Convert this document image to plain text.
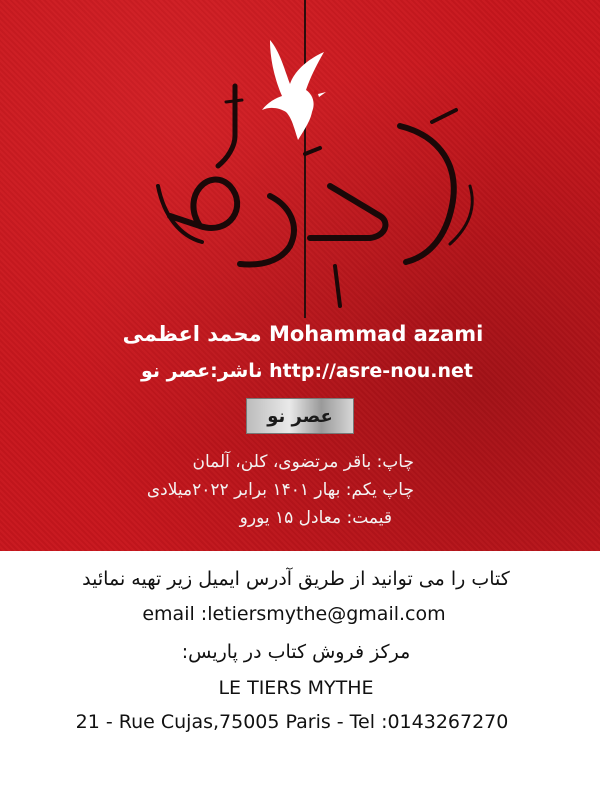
محمد اعظمی Mohammad azami
ناشر:عصر نو http://asre-nou.net
عصر نو
چاپ: باقر مرتضوی، کلن، آلمان
چاپ یکم: بهار ۱۴۰۱ برابر ۲۰۲۲میلادی
قیمت: معادل ۱۵ یورو
کتاب را می توانید از طریق آدرس ایمیل زیر تهیه نمائید
email :letiersmythe@gmail.com
مرکز فروش کتاب در پاریس:
LE TIERS MYTHE
21 - Rue Cujas,75005 Paris - Tel :0143267270
